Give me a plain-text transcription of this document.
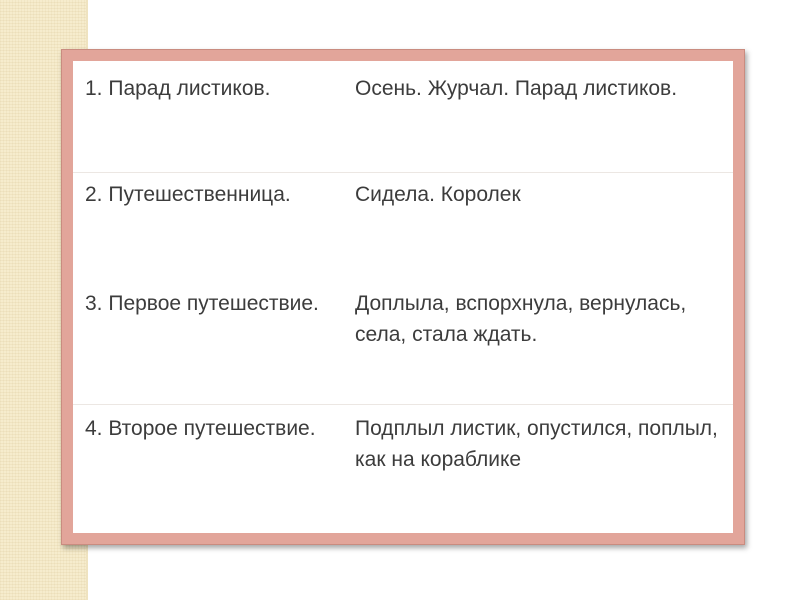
1. Парад листиков.	Осень. Журчал. Парад листиков.
2. Путешественница.	Сидела. Королек
3. Первое путешествие.	Доплыла, вспорхнула, вернулась, села, стала ждать.
4. Второе путешествие.	Подплыл листик, опустился, поплыл, как на кораблике
